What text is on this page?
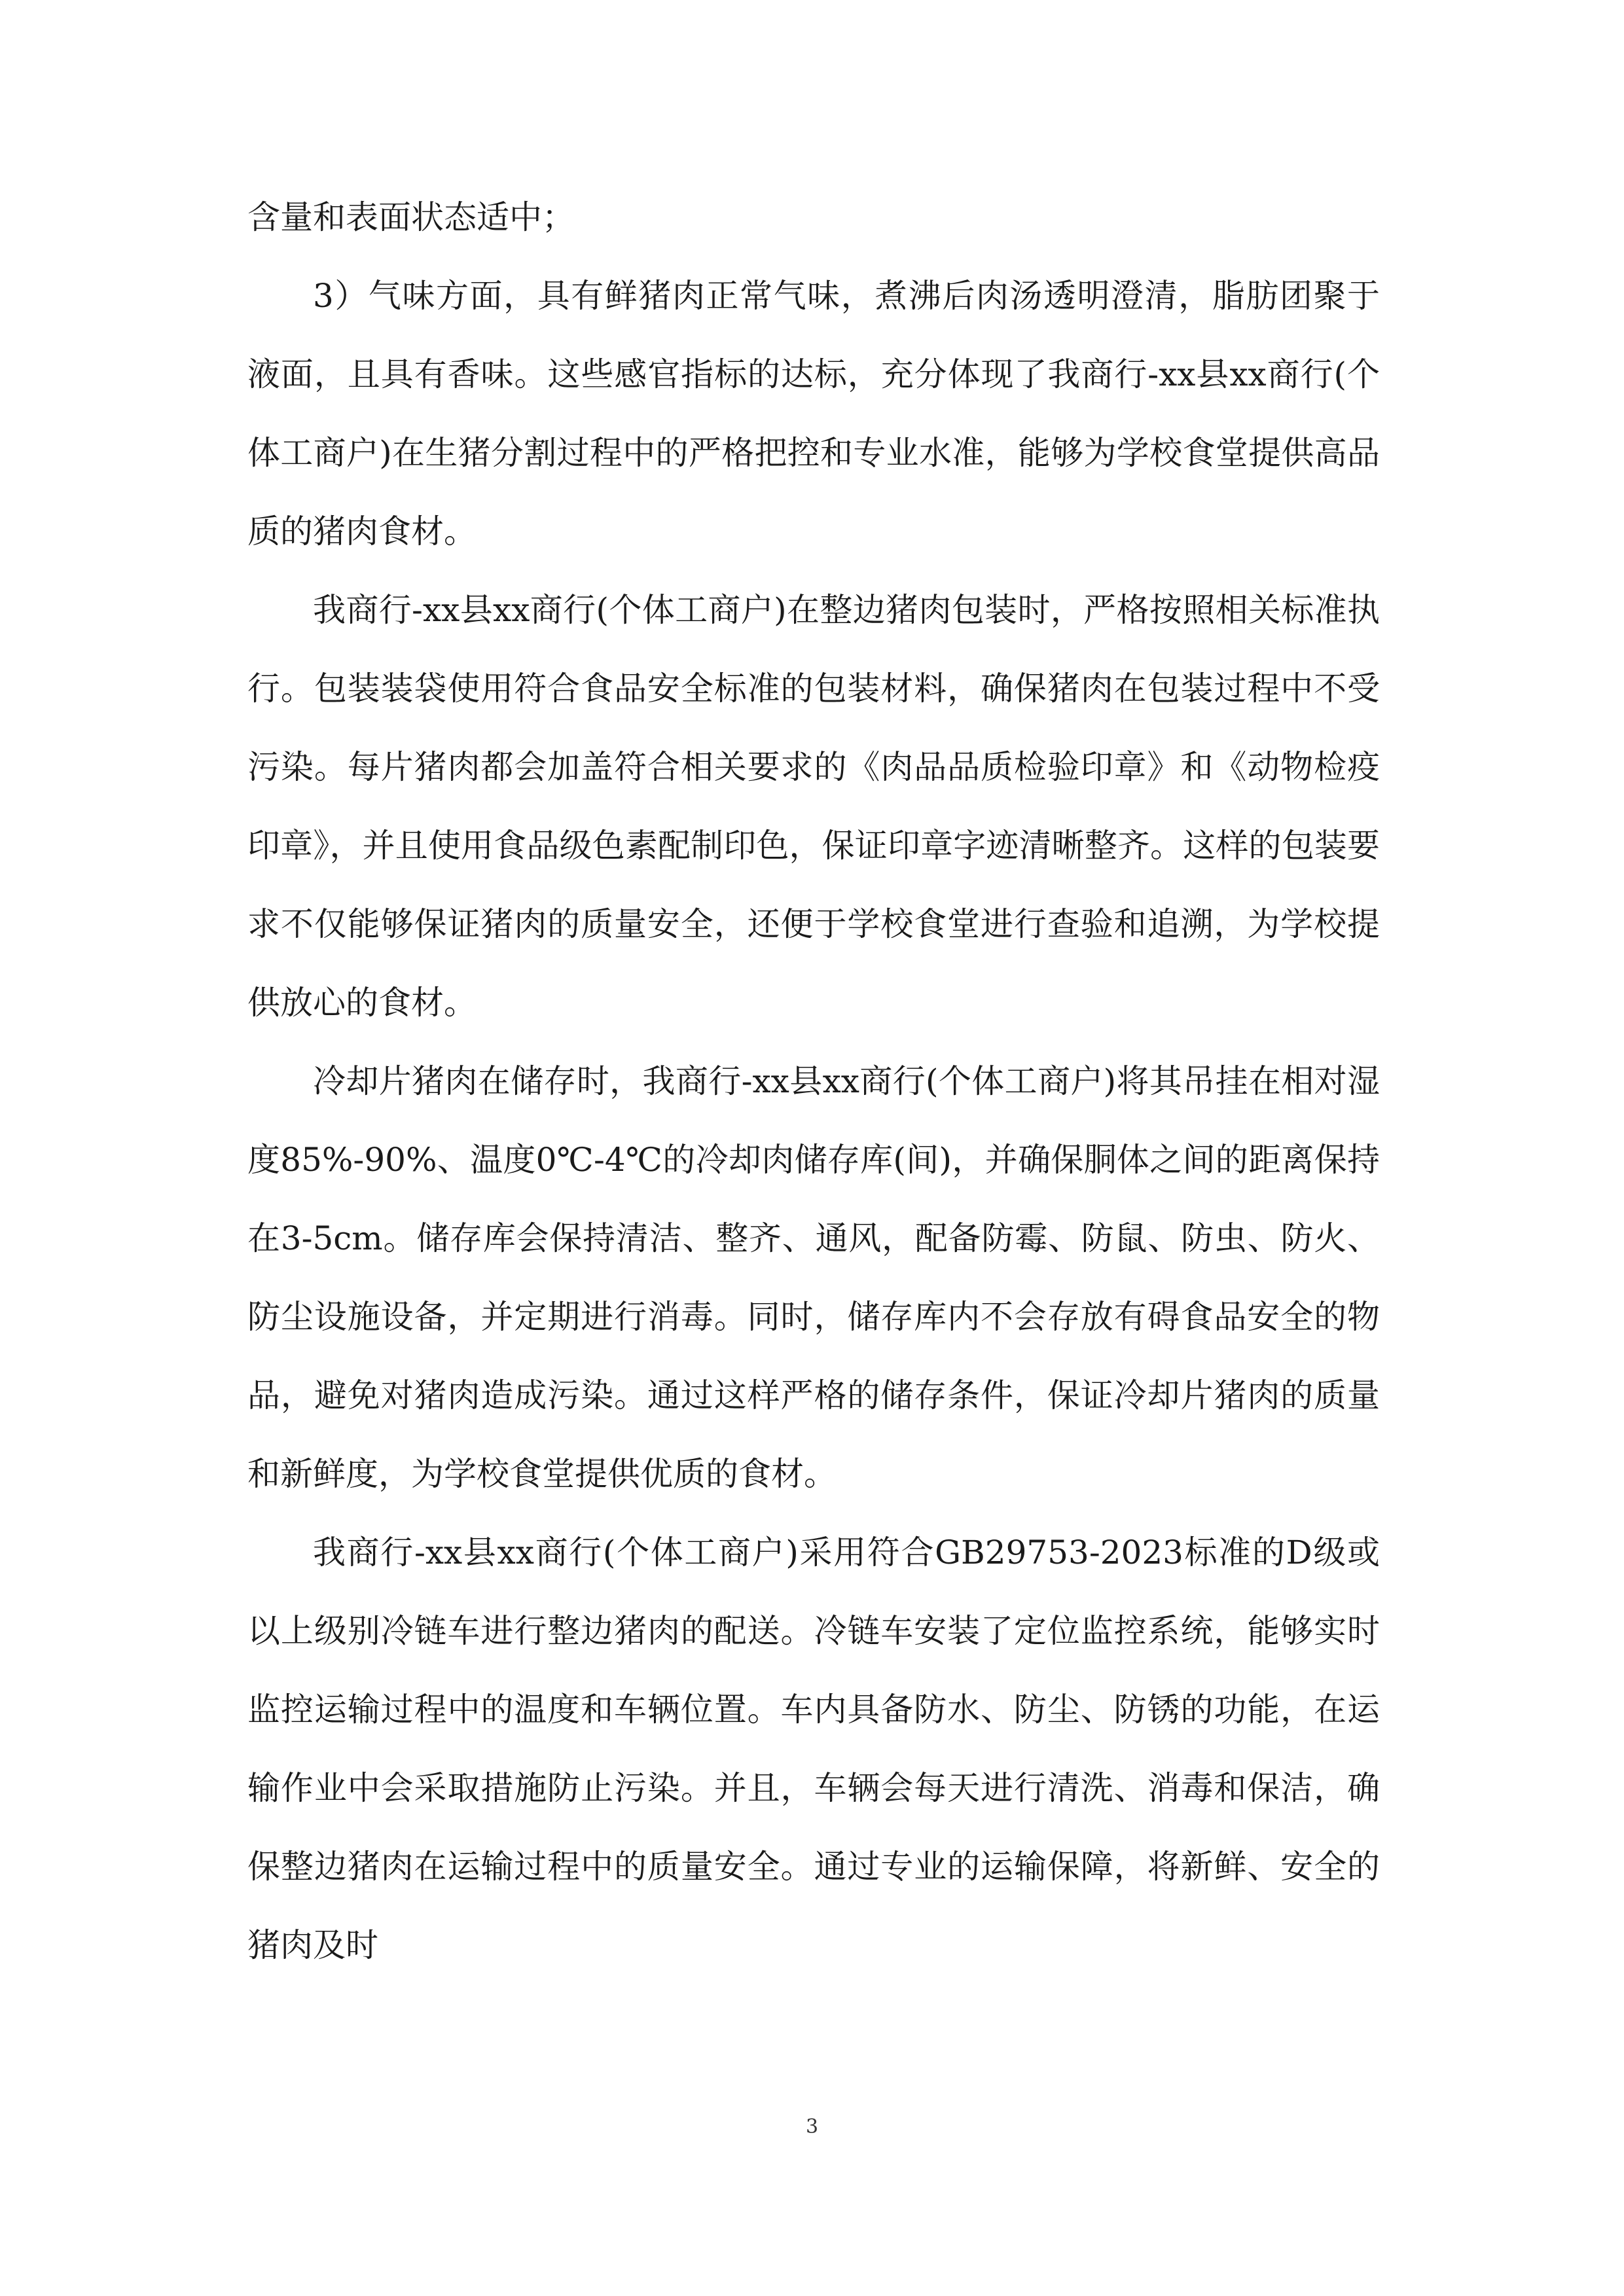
含量和表面状态适中；

3）气味方面，具有鲜猪肉正常气味，煮沸后肉汤透明澄清，脂肪团聚于液面，且具有香味。这些感官指标的达标，充分体现了我商行-xx县xx商行(个体工商户)在生猪分割过程中的严格把控和专业水准，能够为学校食堂提供高品质的猪肉食材。

我商行-xx县xx商行(个体工商户)在整边猪肉包装时，严格按照相关标准执行。包装装袋使用符合食品安全标准的包装材料，确保猪肉在包装过程中不受污染。每片猪肉都会加盖符合相关要求的《肉品品质检验印章》和《动物检疫印章》，并且使用食品级色素配制印色，保证印章字迹清晰整齐。这样的包装要求不仅能够保证猪肉的质量安全，还便于学校食堂进行查验和追溯，为学校提供放心的食材。

冷却片猪肉在储存时，我商行-xx县xx商行(个体工商户)将其吊挂在相对湿度85%-90%、温度0℃-4℃的冷却肉储存库(间)，并确保胴体之间的距离保持在3-5cm。储存库会保持清洁、整齐、通风，配备防霉、防鼠、防虫、防火、防尘设施设备，并定期进行消毒。同时，储存库内不会存放有碍食品安全的物品，避免对猪肉造成污染。通过这样严格的储存条件，保证冷却片猪肉的质量和新鲜度，为学校食堂提供优质的食材。

我商行-xx县xx商行(个体工商户)采用符合GB29753-2023标准的D级或以上级别冷链车进行整边猪肉的配送。冷链车安装了定位监控系统，能够实时监控运输过程中的温度和车辆位置。车内具备防水、防尘、防锈的功能，在运输作业中会采取措施防止污染。并且，车辆会每天进行清洗、消毒和保洁，确保整边猪肉在运输过程中的质量安全。通过专业的运输保障，将新鲜、安全的猪肉及时

3
